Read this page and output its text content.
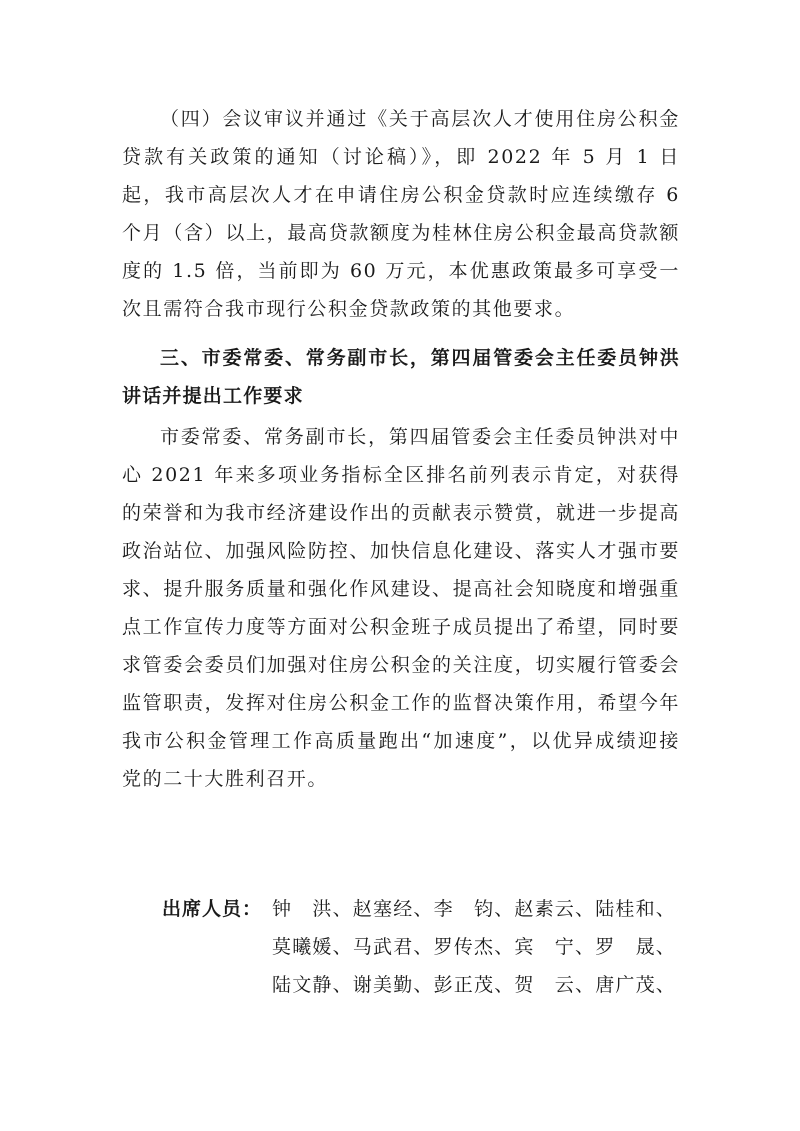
（四）会议审议并通过《关于高层次人才使用住房公积金贷款有关政策的通知（讨论稿）》，即 2022 年 5 月 1 日起，我市高层次人才在申请住房公积金贷款时应连续缴存 6 个月（含）以上，最高贷款额度为桂林住房公积金最高贷款额度的 1.5 倍，当前即为 60 万元，本优惠政策最多可享受一次且需符合我市现行公积金贷款政策的其他要求。

三、市委常委、常务副市长，第四届管委会主任委员钟洪讲话并提出工作要求

市委常委、常务副市长，第四届管委会主任委员钟洪对中心 2021 年来多项业务指标全区排名前列表示肯定，对获得的荣誉和为我市经济建设作出的贡献表示赞赏，就进一步提高政治站位、加强风险防控、加快信息化建设、落实人才强市要求、提升服务质量和强化作风建设、提高社会知晓度和增强重点工作宣传力度等方面对公积金班子成员提出了希望，同时要求管委会委员们加强对住房公积金的关注度，切实履行管委会监管职责，发挥对住房公积金工作的监督决策作用，希望今年我市公积金管理工作高质量跑出“加速度”，以优异成绩迎接党的二十大胜利召开。

出席人员： 钟　洪、赵塞经、李　钧、赵素云、陆桂和、
莫曦媛、马武君、罗传杰、宾　宁、罗　晟、
陆文静、谢美勤、彭正茂、贺　云、唐广茂、
